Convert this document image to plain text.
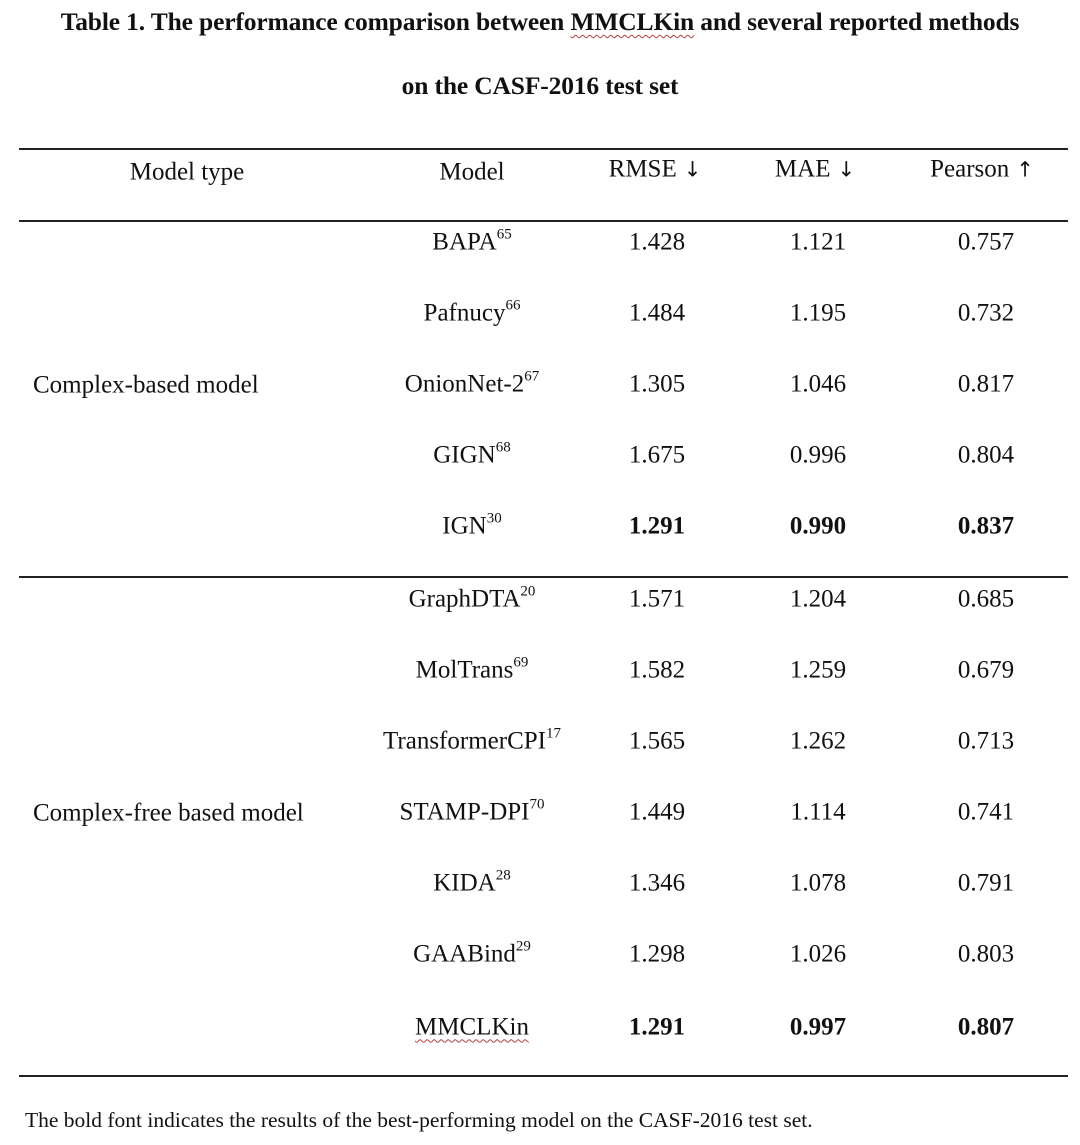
Table 1. The performance comparison between MMCLKin and several reported methods
on the CASF-2016 test set
Model type	Model	RMSE ↓	MAE ↓	Pearson ↑
Complex-based model
BAPA$^{65}$	1.428	1.121	0.757
Pafnucy$^{66}$	1.484	1.195	0.732
OnionNet-$2^{67}$	1.305	1.046	0.817
GIGN$^{68}$	1.675	0.996	0.804
IGN$^{30}$	1.291	0.990	0.837
Complex-free based model
GraphDTA$^{20}$	1.571	1.204	0.685
MolTrans$^{69}$	1.582	1.259	0.679
TransformerCPI$^{17}$	1.565	1.262	0.713
STAMP-DPI$^{70}$	1.449	1.114	0.741
KIDA$^{28}$	1.346	1.078	0.791
GAABind$^{29}$	1.298	1.026	0.803
MMCLKin	1.291	0.997	0.807
The bold font indicates the results of the best-performing model on the CASF-2016 test set.
